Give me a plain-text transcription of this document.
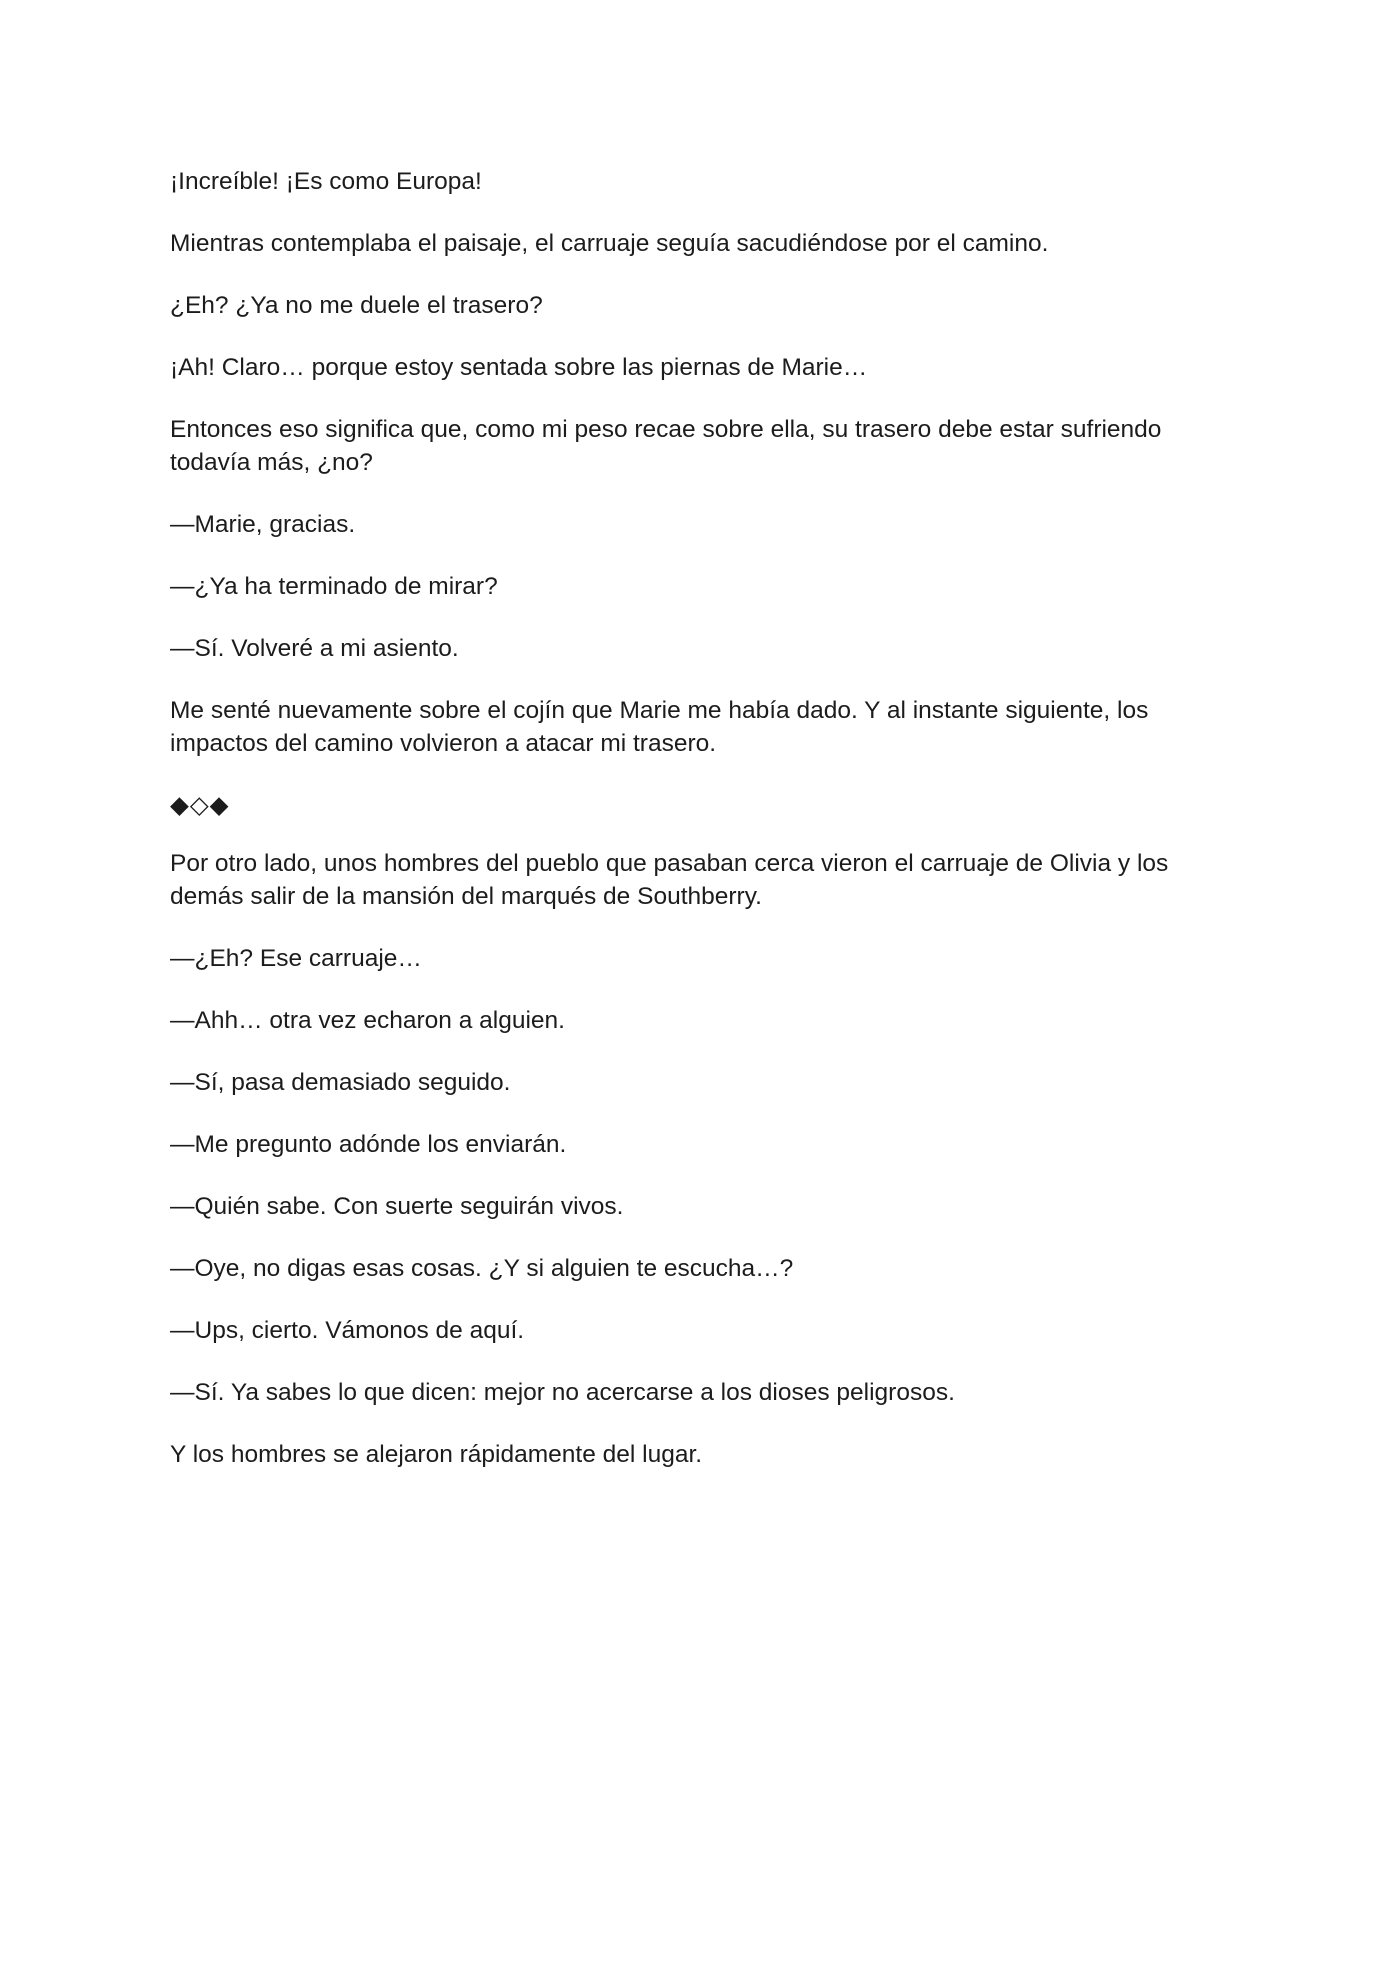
¡Increíble! ¡Es como Europa!

Mientras contemplaba el paisaje, el carruaje seguía sacudiéndose por el camino.

¿Eh? ¿Ya no me duele el trasero?

¡Ah! Claro… porque estoy sentada sobre las piernas de Marie…

Entonces eso significa que, como mi peso recae sobre ella, su trasero debe estar sufriendo todavía más, ¿no?

—Marie, gracias.

—¿Ya ha terminado de mirar?

—Sí. Volveré a mi asiento.

Me senté nuevamente sobre el cojín que Marie me había dado. Y al instante siguiente, los impactos del camino volvieron a atacar mi trasero.

◆◇◆

Por otro lado, unos hombres del pueblo que pasaban cerca vieron el carruaje de Olivia y los demás salir de la mansión del marqués de Southberry.

—¿Eh? Ese carruaje…

—Ahh… otra vez echaron a alguien.

—Sí, pasa demasiado seguido.

—Me pregunto adónde los enviarán.

—Quién sabe. Con suerte seguirán vivos.

—Oye, no digas esas cosas. ¿Y si alguien te escucha…?

—Ups, cierto. Vámonos de aquí.

—Sí. Ya sabes lo que dicen: mejor no acercarse a los dioses peligrosos.

Y los hombres se alejaron rápidamente del lugar.
